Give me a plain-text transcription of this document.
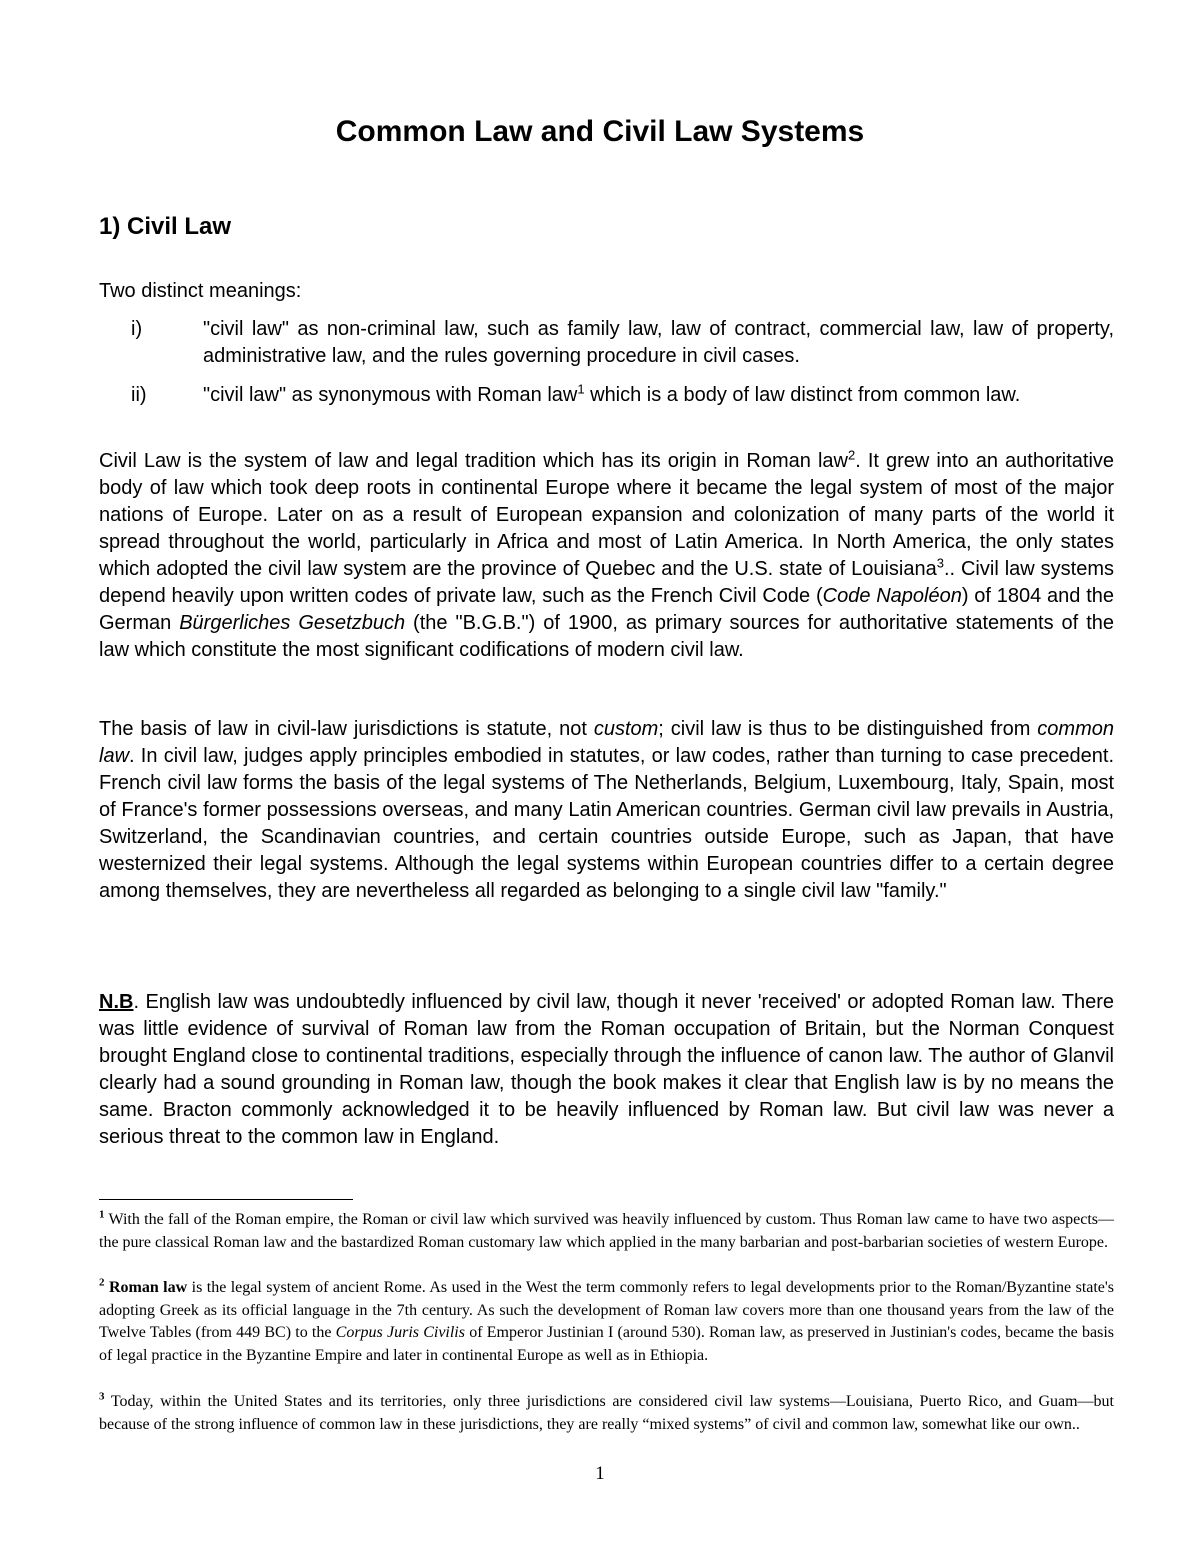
Common Law and Civil Law Systems
1) Civil Law
Two distinct meanings:
i)	"civil law" as non-criminal law, such as family law, law of contract, commercial law, law of property, administrative law, and the rules governing procedure in civil cases.
ii)	"civil law" as synonymous with Roman law$^1$ which is a body of law distinct from common law.

Civil Law is the system of law and legal tradition which has its origin in Roman law$^2$. It grew into an authoritative body of law which took deep roots in continental Europe where it became the legal system of most of the major nations of Europe. Later on as a result of European expansion and colonization of many parts of the world it spread throughout the world, particularly in Africa and most of Latin America. In North America, the only states which adopted the civil law system are the province of Quebec and the U.S. state of Louisiana$^3$.. Civil law systems depend heavily upon written codes of private law, such as the French Civil Code (Code Napoléon) of 1804 and the German Bürgerliches Gesetzbuch (the "B.G.B.") of 1900, as primary sources for authoritative statements of the law which constitute the most significant codifications of modern civil law.

The basis of law in civil-law jurisdictions is statute, not custom; civil law is thus to be distinguished from common law. In civil law, judges apply principles embodied in statutes, or law codes, rather than turning to case precedent. French civil law forms the basis of the legal systems of The Netherlands, Belgium, Luxembourg, Italy, Spain, most of France's former possessions overseas, and many Latin American countries. German civil law prevails in Austria, Switzerland, the Scandinavian countries, and certain countries outside Europe, such as Japan, that have westernized their legal systems. Although the legal systems within European countries differ to a certain degree among themselves, they are nevertheless all regarded as belonging to a single civil law "family."

N.B. English law was undoubtedly influenced by civil law, though it never 'received' or adopted Roman law. There was little evidence of survival of Roman law from the Roman occupation of Britain, but the Norman Conquest brought England close to continental traditions, especially through the influence of canon law. The author of Glanvil clearly had a sound grounding in Roman law, though the book makes it clear that English law is by no means the same. Bracton commonly acknowledged it to be heavily influenced by Roman law. But civil law was never a serious threat to the common law in England.

$^1$ With the fall of the Roman empire, the Roman or civil law which survived was heavily influenced by custom. Thus Roman law came to have two aspects—the pure classical Roman law and the bastardized Roman customary law which applied in the many barbarian and post-barbarian societies of western Europe.

$^2$ Roman law is the legal system of ancient Rome. As used in the West the term commonly refers to legal developments prior to the Roman/Byzantine state's adopting Greek as its official language in the 7th century. As such the development of Roman law covers more than one thousand years from the law of the Twelve Tables (from 449 BC) to the Corpus Juris Civilis of Emperor Justinian I (around 530). Roman law, as preserved in Justinian's codes, became the basis of legal practice in the Byzantine Empire and later in continental Europe as well as in Ethiopia.

$^3$ Today, within the United States and its territories, only three jurisdictions are considered civil law systems—Louisiana, Puerto Rico, and Guam—but because of the strong influence of common law in these jurisdictions, they are really “mixed systems” of civil and common law, somewhat like our own..

1
